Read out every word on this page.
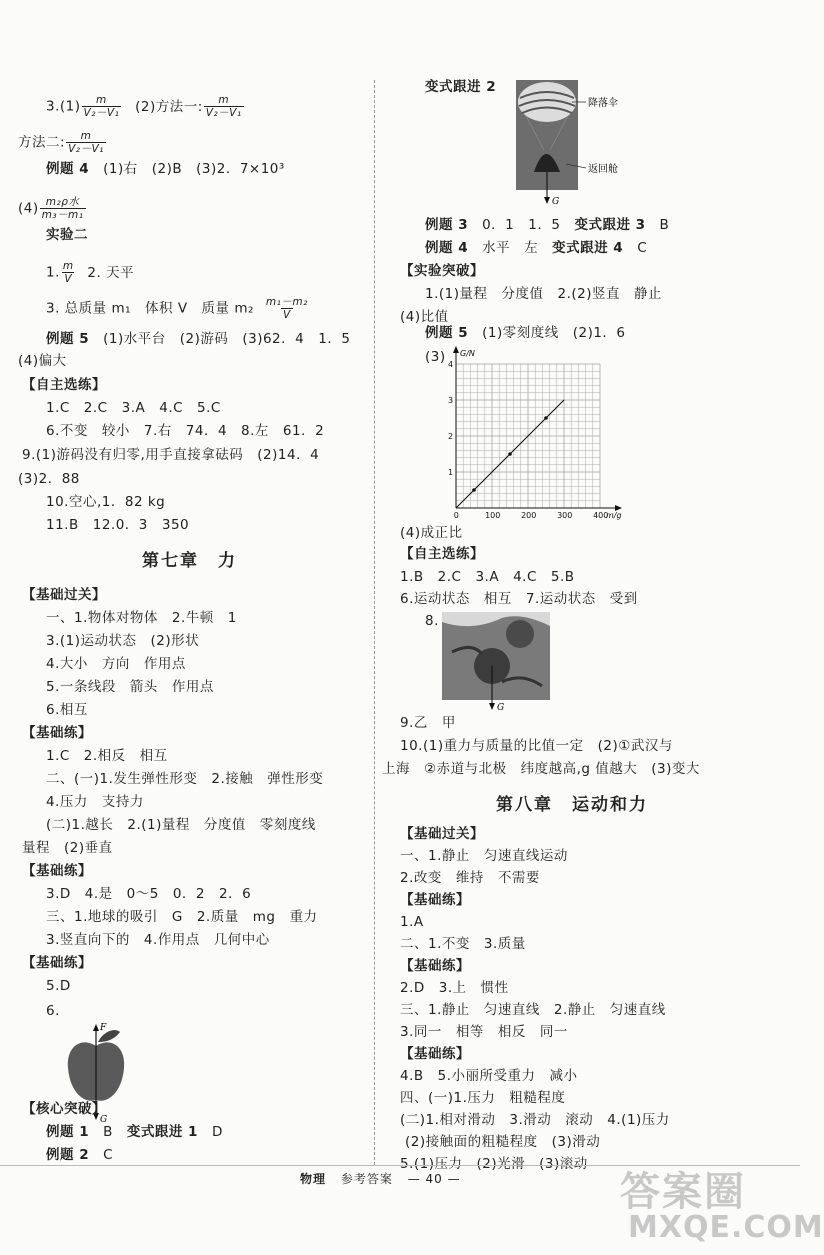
$3.(1) \frac{m}{\text{V₂－V₁}} (2)$方法一: $\frac{m}{\text{V₂－V₁}}$
方法二: $\frac{m}{\text{V₂－V₁}}$
例题 4　 (1)右　(2)B　(3)2．7×10³
$(4) \frac{\text{m₂ρ水}}{\text{m₃－m₁}}$
实验二
1. $\frac{m}{V} 2$. 天平
3. 总质量 m₁　体积 V　质量 $m_2 \frac{\text{m₁－m₂}}{V}$
例题 5　 (1)水平台　(2)游码　(3)62．4　1．5
(4)偏大
【自主选练】
1.C　2.C　3.A　4.C　5.C
6.不变　较小　7.右　74．4　8.左　61．2
9.(1)游码没有归零,用手直接拿砝码　(2)14．4
(3)2．88
10.空心,1．82 kg
11.B　12.0．3　350
第七章　力
【基础过关】
一、1.物体对物体　2.牛顿　1
3.(1)运动状态　(2)形状
4.大小　方向　作用点
5.一条线段　箭头　作用点
6.相互
【基础练】
1.C　2.相反　相互
二、(一)1.发生弹性形变　2.接触　弹性形变
4.压力　支持力
(二)1.越长　2.(1)量程　分度值　零刻度线
量程　(2)垂直
【基础练】
3.D　4.是　0～5　0．2　2．6
三、1.地球的吸引　G　2.质量　mg　重力
3.竖直向下的　4.作用点　几何中心
【基础练】
5.D
6.
F
G
【核心突破】
例题 1　 B　 变式跟进 1　 D
例题 2　 C
变式跟进 2
降落伞
返回舱
G
例题 3　 0．1　1．5　 变式跟进 3　 B
例题 4　 水平　左　 变式跟进 4　 C
【实验突破】
1.(1)量程　分度值　2.(2)竖直　静止
(4)比值
例题 5　 (1)零刻度线　(2)1．6
(3)
0	100	200	300	400
1
2
3
4
G/N
m/g
(4)成正比
【自主选练】
1.B　2.C　3.A　4.C　5.B
6.运动状态　相互　7.运动状态　受到
8.
G
9.乙　甲
10.(1)重力与质量的比值一定　(2)①武汉与
上海　②赤道与北极　纬度越高,g 值越大　(3)变大
第八章　运动和力
【基础过关】
一、1.静止　匀速直线运动
2.改变　维持　不需要
【基础练】
1.A
二、1.不变　3.质量
【基础练】
2.D　3.上　惯性
三、1.静止　匀速直线　2.静止　匀速直线
3.同一　相等　相反　同一
【基础练】
4.B　5.小丽所受重力　减小
四、(一)1.压力　粗糙程度
(二)1.相对滑动　3.滑动　滚动　4.(1)压力
(2)接触面的粗糙程度　(3)滑动
5.(1)压力　(2)光滑　(3)滚动
物理 参考答案 — 40 —	答案圈
MXQE.COM
